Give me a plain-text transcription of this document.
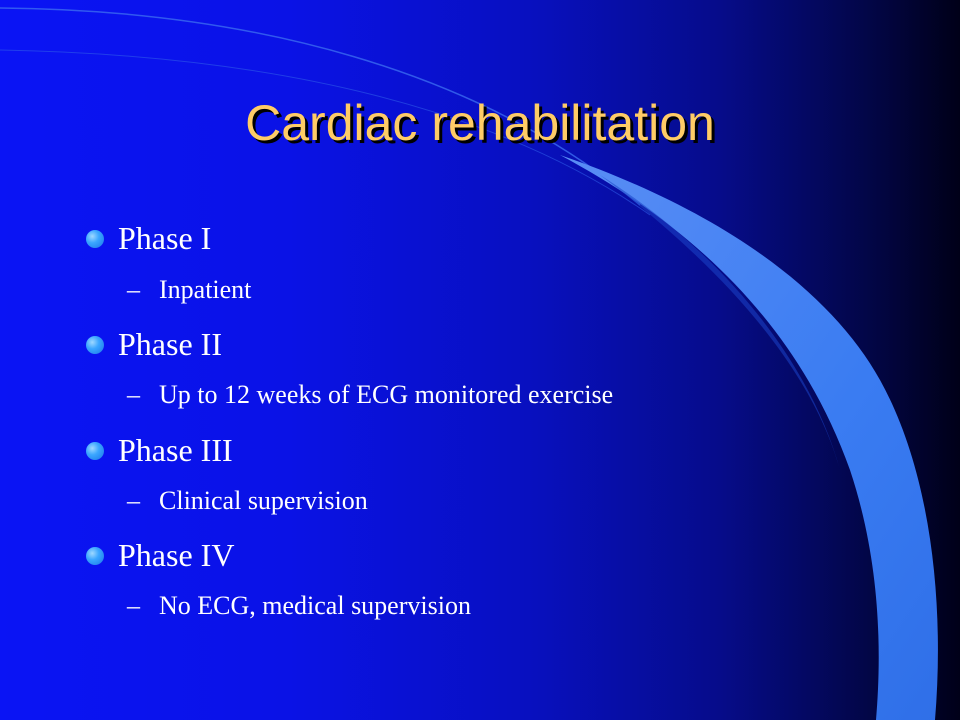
Cardiac rehabilitation
Phase I
– Inpatient
Phase II
– Up to 12 weeks of ECG monitored exercise
Phase III
– Clinical supervision
Phase IV
– No ECG, medical supervision
